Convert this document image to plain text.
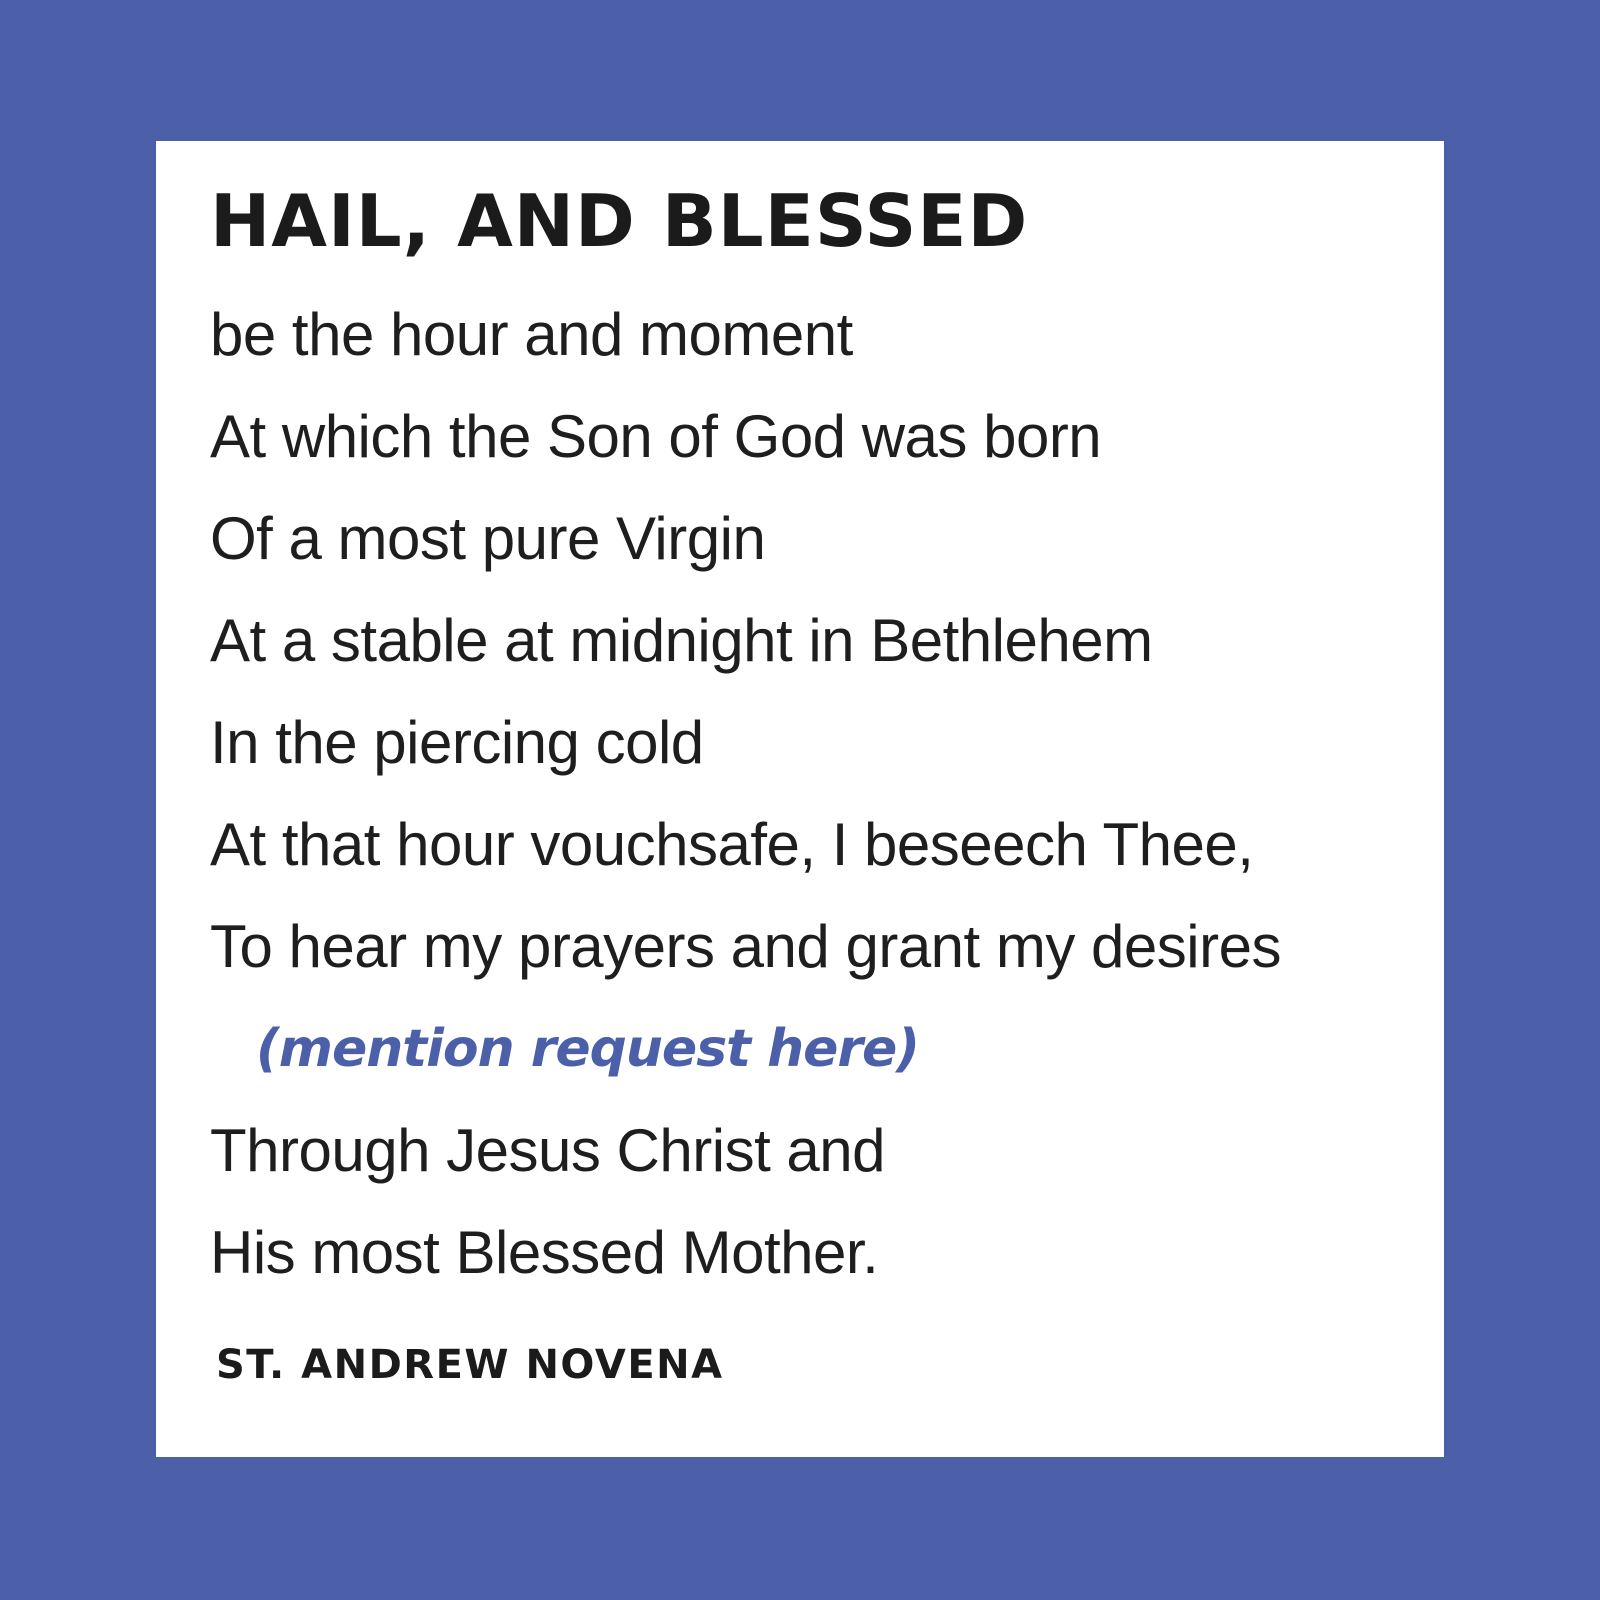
HAIL, AND BLESSED
be the hour and moment
At which the Son of God was born
Of a most pure Virgin
At a stable at midnight in Bethlehem
In the piercing cold
At that hour vouchsafe, I beseech Thee,
To hear my prayers and grant my desires
(mention request here)
Through Jesus Christ and
His most Blessed Mother.

ST. ANDREW NOVENA
